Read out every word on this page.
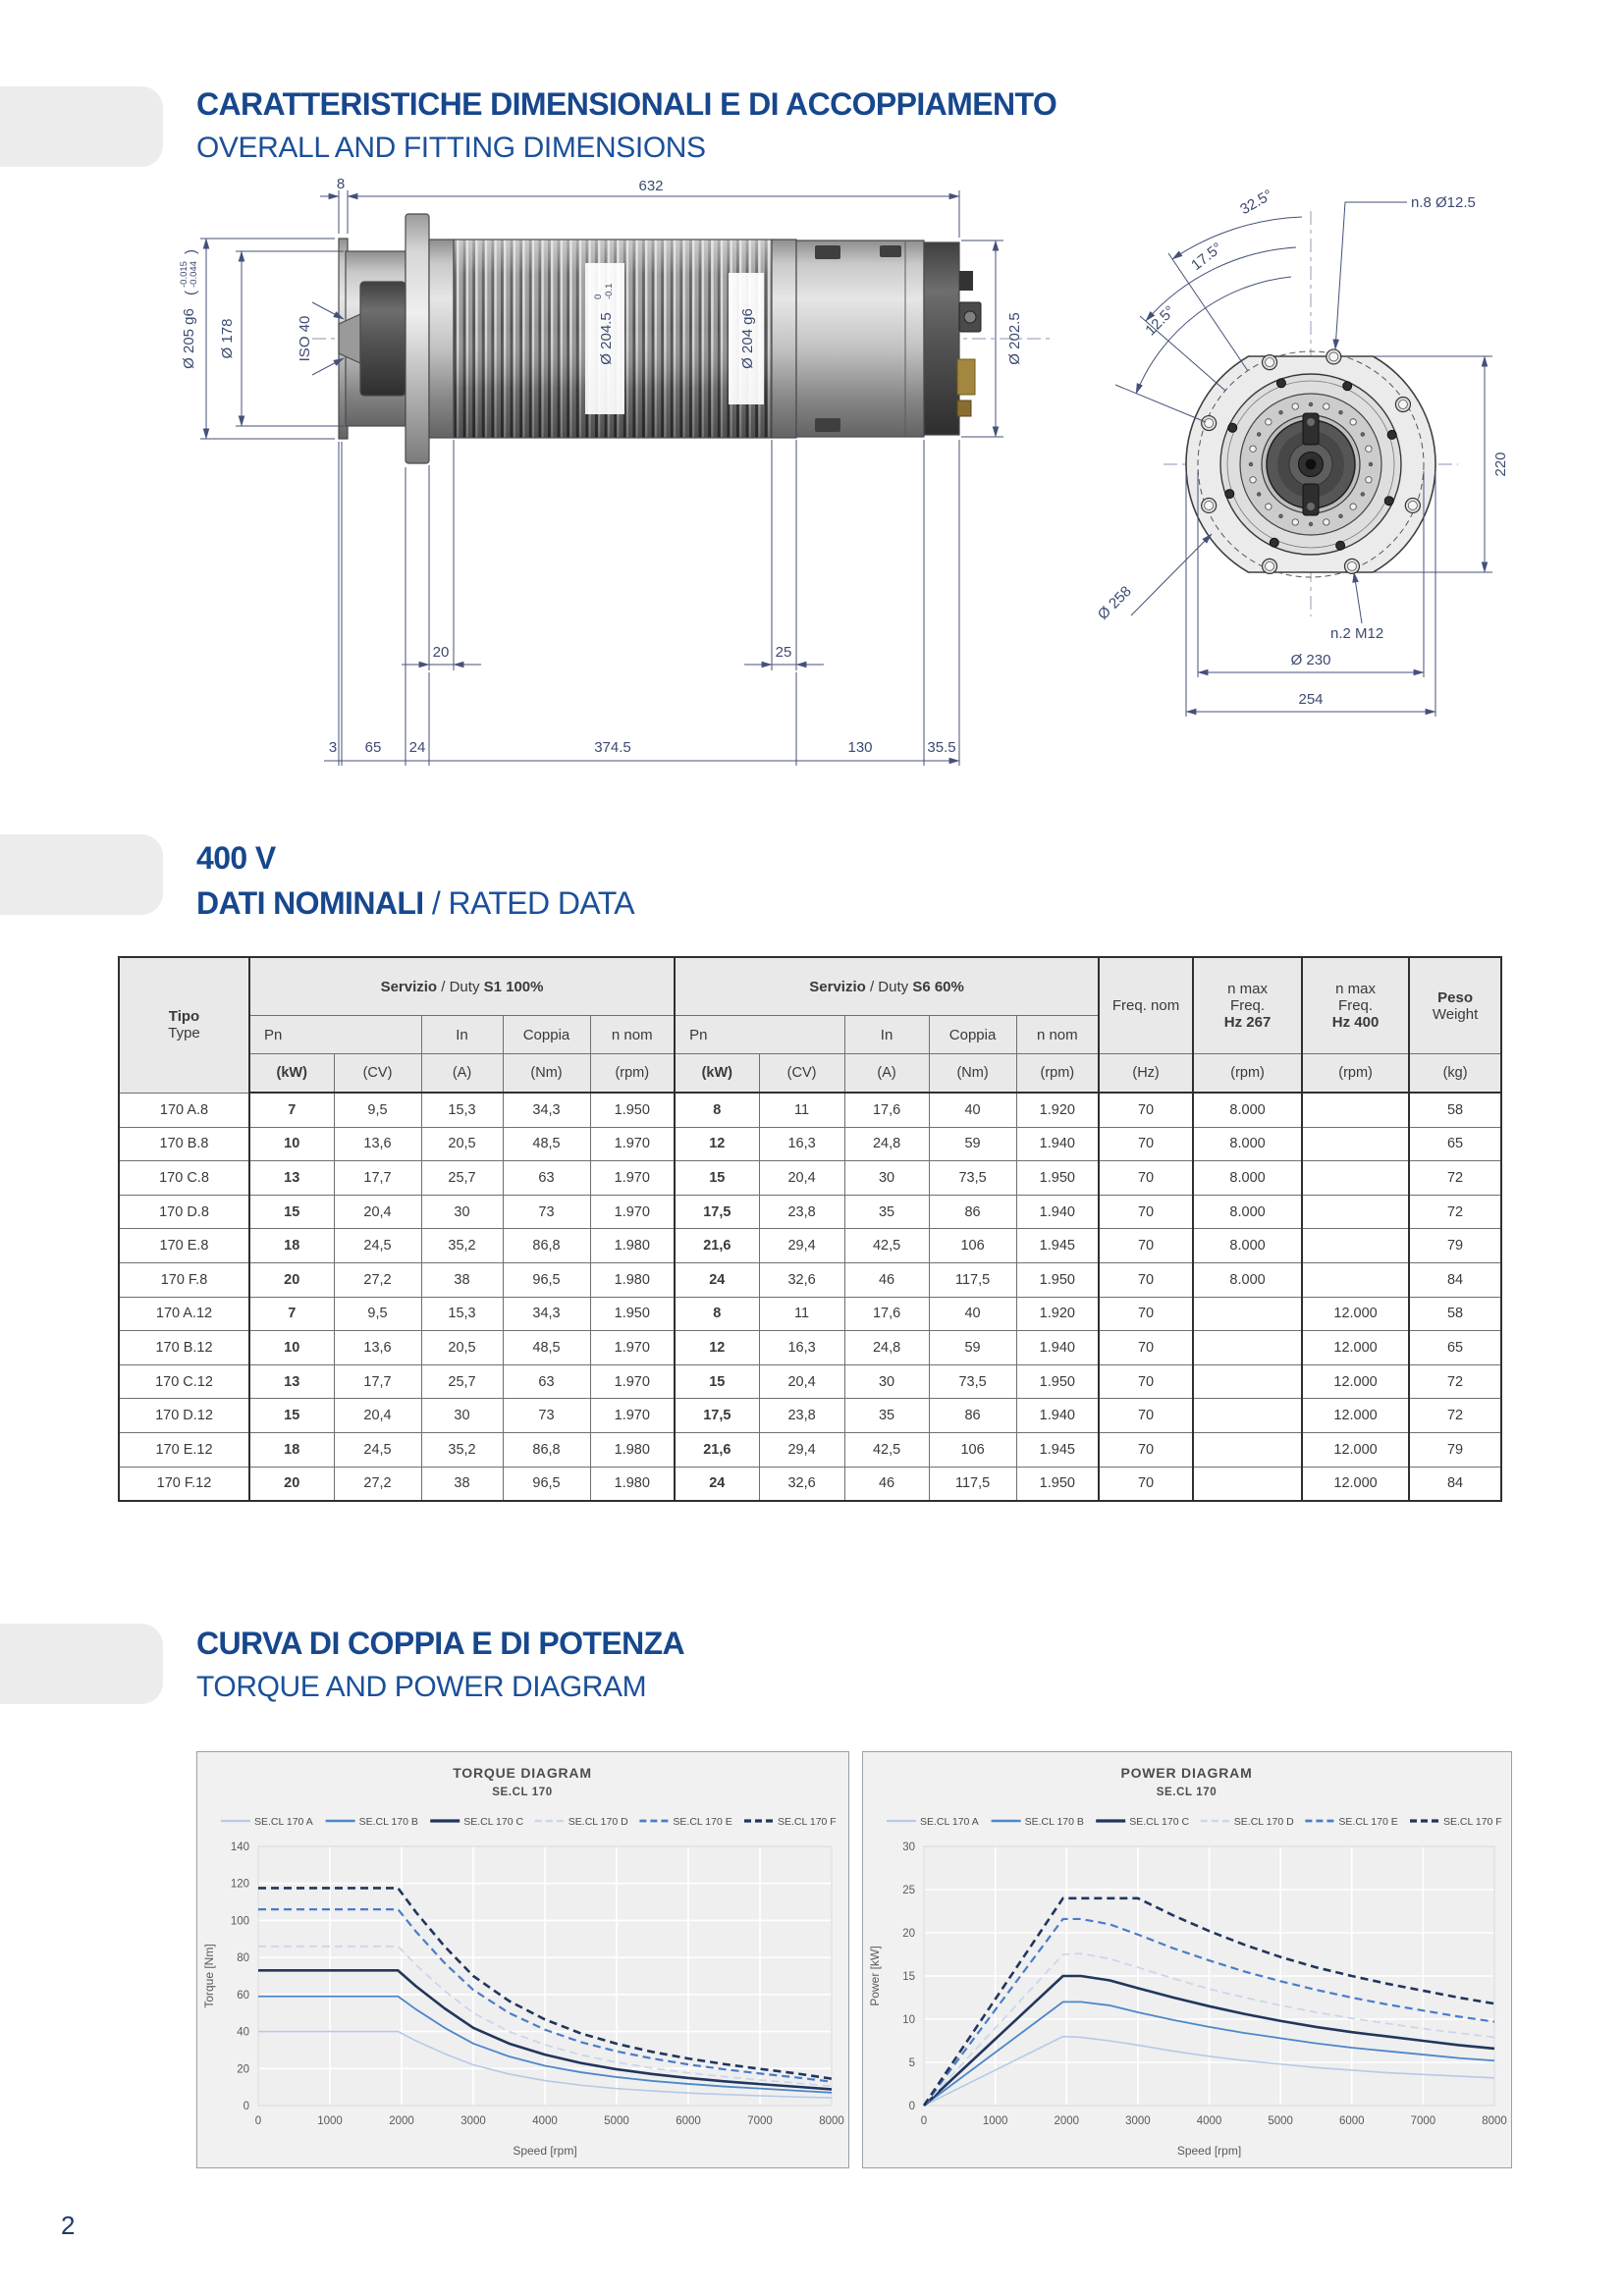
CARATTERISTICHE DIMENSIONALI E DI ACCOPPIAMENTO
OVERALL AND FITTING DIMENSIONS
Ø 204.5
0 -0.1
Ø 204 g6
8	632
Ø 205 g6
(
-0.015 -0.044
)
Ø 178	ISO 40	Ø 202.5
20	25
3 65 24	374.5	130	35.5
32.5°
17.5°
12.5°
n.8 Ø12.5
220
Ø 258
n.2 M12
Ø 230
254
400 V
DATI NOMINALI / RATED DATA
Tipo
Type	Servizio / Duty S1 100%					Servizio / Duty S6 60%					Freq. nom	n max
Freq.
Hz 267	n max
Freq.
Hz 400	Peso
Weight
	Pn		In	Coppia	n nom	Pn		In	Coppia	n nom				
	(kW)	(CV)	(A)	(Nm)	(rpm)	(kW)	(CV)	(A)	(Nm)	(rpm)	(Hz)	(rpm)	(rpm)	(kg)
170 A.8	7	9,5	15,3	34,3	1.950	8	11	17,6	40	1.920	70	8.000		58
170 B.8	10	13,6	20,5	48,5	1.970	12	16,3	24,8	59	1.940	70	8.000		65
170 C.8	13	17,7	25,7	63	1.970	15	20,4	30	73,5	1.950	70	8.000		72
170 D.8	15	20,4	30	73	1.970	17,5	23,8	35	86	1.940	70	8.000		72
170 E.8	18	24,5	35,2	86,8	1.980	21,6	29,4	42,5	106	1.945	70	8.000		79
170 F.8	20	27,2	38	96,5	1.980	24	32,6	46	117,5	1.950	70	8.000		84
170 A.12	7	9,5	15,3	34,3	1.950	8	11	17,6	40	1.920	70		12.000	58
170 B.12	10	13,6	20,5	48,5	1.970	12	16,3	24,8	59	1.940	70		12.000	65
170 C.12	13	17,7	25,7	63	1.970	15	20,4	30	73,5	1.950	70		12.000	72
170 D.12	15	20,4	30	73	1.970	17,5	23,8	35	86	1.940	70		12.000	72
170 E.12	18	24,5	35,2	86,8	1.980	21,6	29,4	42,5	106	1.945	70		12.000	79
170 F.12	20	27,2	38	96,5	1.980	24	32,6	46	117,5	1.950	70		12.000	84
CURVA DI COPPIA E DI POTENZA
TORQUE AND POWER DIAGRAM
0
20
40
60
80
100
120
140
0	1000	2000	3000	4000	5000	6000	7000	8000
TORQUE DIAGRAM
SE.CL 170
Speed [rpm]
Torque [Nm]
SE.CL 170 A	SE.CL 170 B	SE.CL 170 C	SE.CL 170 D	SE.CL 170 E	SE.CL 170 F
0
5
10
15
20
25
30
0	1000	2000	3000	4000	5000	6000	7000	8000
POWER DIAGRAM
SE.CL 170
Speed [rpm]
Power [kW]
SE.CL 170 A	SE.CL 170 B	SE.CL 170 C	SE.CL 170 D	SE.CL 170 E	SE.CL 170 F
2
